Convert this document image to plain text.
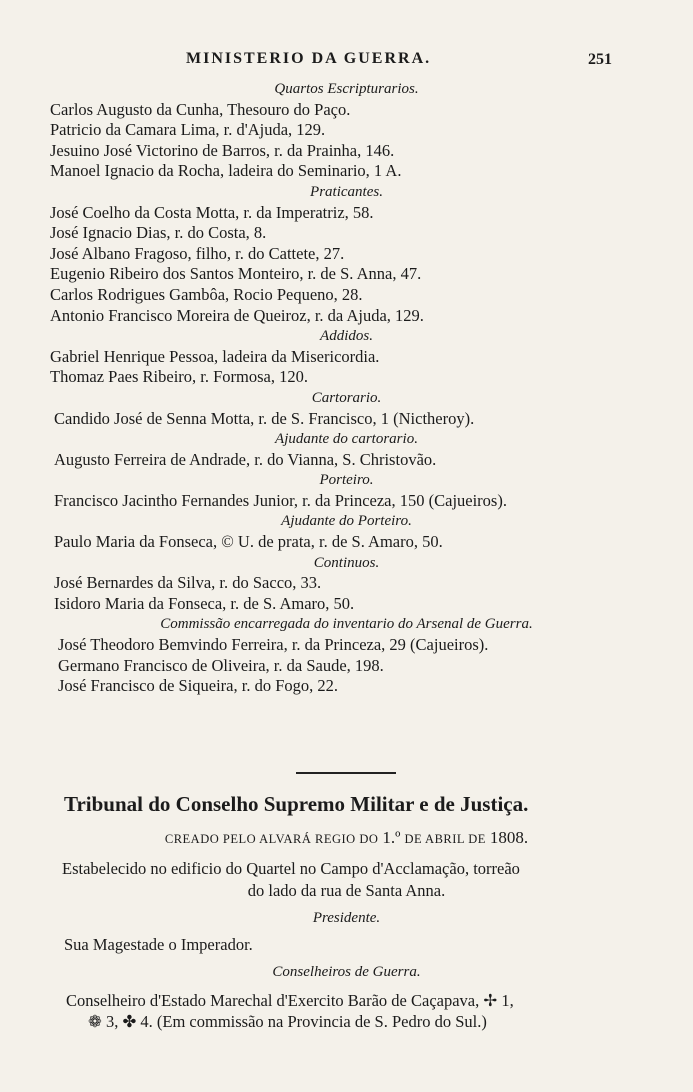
MINISTERIO DA GUERRA.	251
Quartos Escripturarios.
Carlos Augusto da Cunha, Thesouro do Paço.
Patricio da Camara Lima, r. d'Ajuda, 129.
Jesuino José Victorino de Barros, r. da Prainha, 146.
Manoel Ignacio da Rocha, ladeira do Seminario, 1 A.
Praticantes.
José Coelho da Costa Motta, r. da Imperatriz, 58.
José Ignacio Dias, r. do Costa, 8.
José Albano Fragoso, filho, r. do Cattete, 27.
Eugenio Ribeiro dos Santos Monteiro, r. de S. Anna, 47.
Carlos Rodrigues Gambôa, Rocio Pequeno, 28.
Antonio Francisco Moreira de Queiroz, r. da Ajuda, 129.
Addidos.
Gabriel Henrique Pessoa, ladeira da Misericordia.
Thomaz Paes Ribeiro, r. Formosa, 120.
Cartorario.
Candido José de Senna Motta, r. de S. Francisco, 1 (Nictheroy).
Ajudante do cartorario.
Augusto Ferreira de Andrade, r. do Vianna, S. Christovão.
Porteiro.
Francisco Jacintho Fernandes Junior, r. da Princeza, 150 (Cajueiros).
Ajudante do Porteiro.
Paulo Maria da Fonseca, © U. de prata, r. de S. Amaro, 50.
Continuos.
José Bernardes da Silva, r. do Sacco, 33.
Isidoro Maria da Fonseca, r. de S. Amaro, 50.
Commissão encarregada do inventario do Arsenal de Guerra.
José Theodoro Bemvindo Ferreira, r. da Princeza, 29 (Cajueiros).
Germano Francisco de Oliveira, r. da Saude, 198.
José Francisco de Siqueira, r. do Fogo, 22.
Tribunal do Conselho Supremo Militar e de Justiça.
CREADO PELO ALVARÁ REGIO DO 1.º DE ABRIL DE 1808.
Estabelecido no edificio do Quartel no Campo d'Acclamação, torreão
do lado da rua de Santa Anna.
Presidente.
Sua Magestade o Imperador.
Conselheiros de Guerra.
Conselheiro d'Estado Marechal d'Exercito Barão de Caçapava, ✢ 1,
❁ 3, ✤ 4. (Em commissão na Provincia de S. Pedro do Sul.)
